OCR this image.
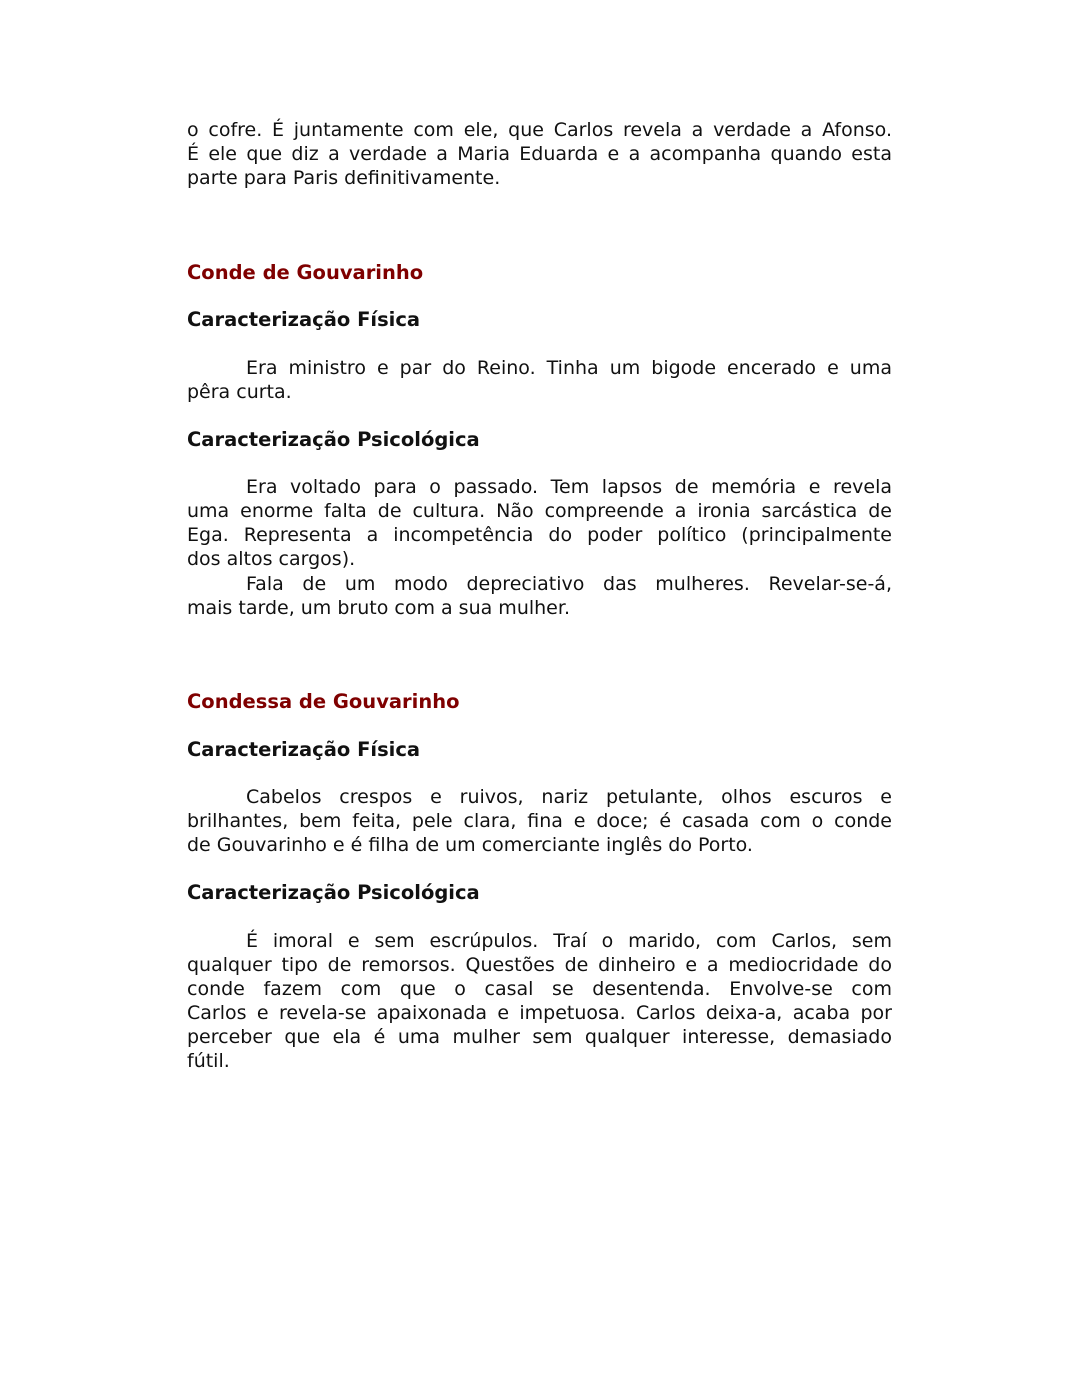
o cofre. É juntamente com ele, que Carlos revela a verdade a Afonso.
É ele que diz a verdade a Maria Eduarda e a acompanha quando esta
parte para Paris definitivamente.
Conde de Gouvarinho
Caracterização Física
Era ministro e par do Reino. Tinha um bigode encerado e uma
pêra curta.
Caracterização Psicológica
Era voltado para o passado. Tem lapsos de memória e revela
uma enorme falta de cultura. Não compreende a ironia sarcástica de
Ega. Representa a incompetência do poder político (principalmente
dos altos cargos).
Fala de um modo depreciativo das mulheres. Revelar-se-á,
mais tarde, um bruto com a sua mulher.
Condessa de Gouvarinho
Caracterização Física
Cabelos crespos e ruivos, nariz petulante, olhos escuros e
brilhantes, bem feita, pele clara, fina e doce; é casada com o conde
de Gouvarinho e é filha de um comerciante inglês do Porto.
Caracterização Psicológica
É imoral e sem escrúpulos. Traí o marido, com Carlos, sem
qualquer tipo de remorsos. Questões de dinheiro e a mediocridade do
conde fazem com que o casal se desentenda. Envolve-se com
Carlos e revela-se apaixonada e impetuosa. Carlos deixa-a, acaba por
perceber que ela é uma mulher sem qualquer interesse, demasiado
fútil.
